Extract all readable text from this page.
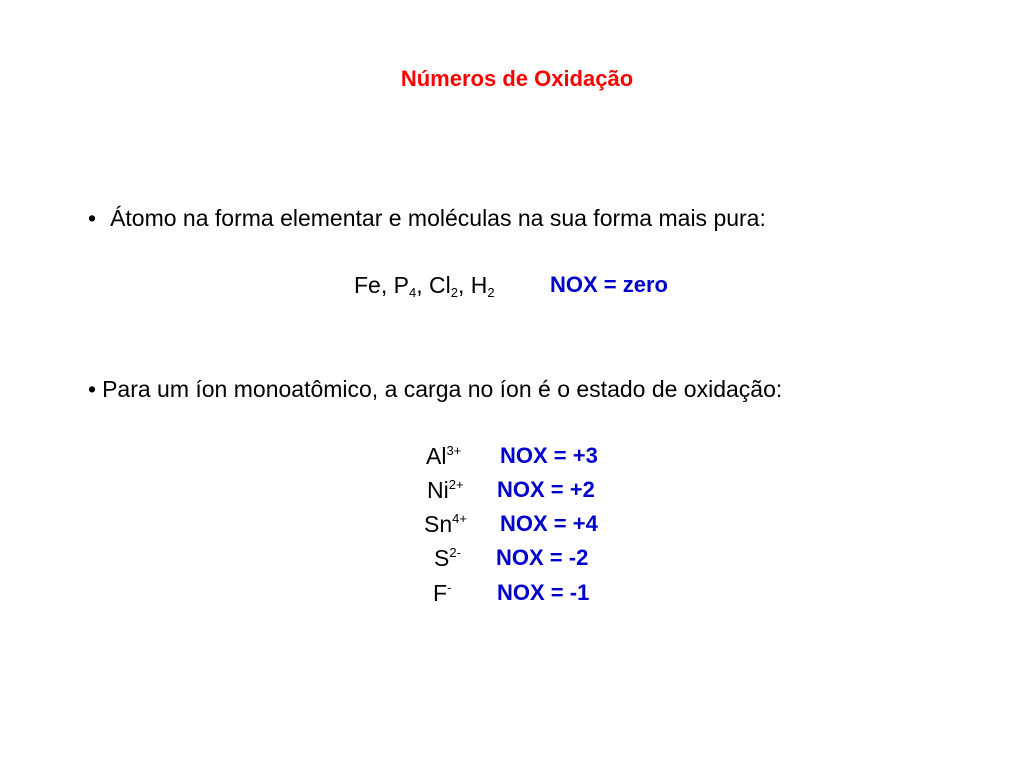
Números de Oxidação
• Átomo na forma elementar e moléculas na sua forma mais pura:
Fe, $P_4$, $Cl_2$, $H_2$	NOX = zero
• Para um íon monoatômico, a carga no íon é o estado de oxidação:
$Al^{3+}$ NOX = +3
$Ni^{2+}$ NOX = +2
$Sn^{4+}$ NOX = +4
$S^{2-}$ NOX = -2
F- NOX = -1
